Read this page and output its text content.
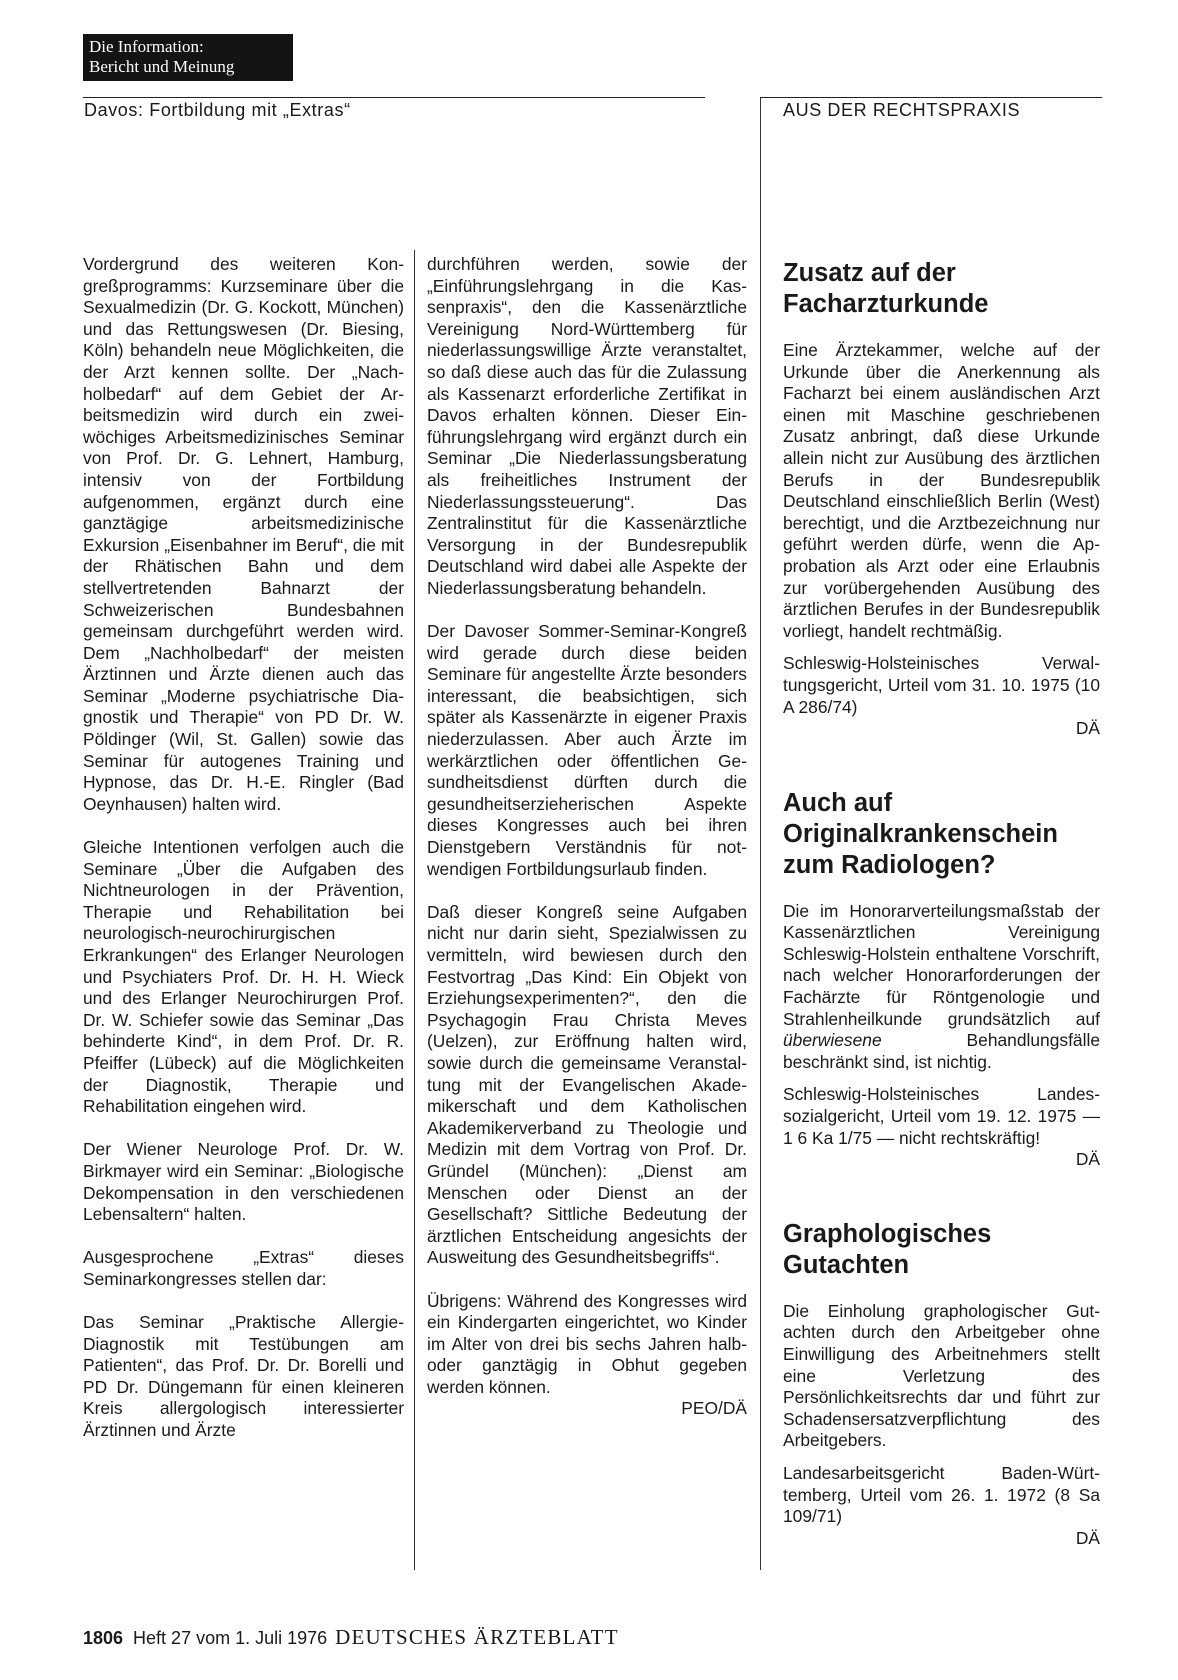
Die Information:
Bericht und Meinung
Davos: Fortbildung mit „Extras“	AUS DER RECHTSPRAXIS

Vordergrund des weiteren Kongreßprogramms: Kurzseminare über die Sexualmedizin (Dr. G. Kockott, München) und das Rettungswesen (Dr. Biesing, Köln) behandeln neue Möglichkeiten, die der Arzt kennen sollte. Der „Nachholbedarf“ auf dem Gebiet der Arbeitsmedizin wird durch ein zweiwöchiges Arbeitsmedizinisches Seminar von Prof. Dr. G. Lehnert, Hamburg, intensiv von der Fortbildung aufgenommen, ergänzt durch eine ganztägige arbeitsmedizinische Exkursion „Eisenbahner im Beruf“, die mit der Rhätischen Bahn und dem stellvertretenden Bahnarzt der Schweizerischen Bundesbahnen gemeinsam durchgeführt werden wird. Dem „Nachholbedarf“ der meisten Ärztinnen und Ärzte dienen auch das Seminar „Moderne psychiatrische Diagnostik und Therapie“ von PD Dr. W. Pöldinger (Wil, St. Gallen) sowie das Seminar für autogenes Training und Hypnose, das Dr. H.-E. Ringler (Bad Oeynhausen) halten wird.

Gleiche Intentionen verfolgen auch die Seminare „Über die Aufgaben des Nichtneurologen in der Prävention, Therapie und Rehabilitation bei neurologisch-neurochirurgischen Erkrankungen“ des Erlanger Neurologen und Psychiaters Prof. Dr. H. H. Wieck und des Erlanger Neurochirurgen Prof. Dr. W. Schiefer sowie das Seminar „Das behinderte Kind“, in dem Prof. Dr. R. Pfeiffer (Lübeck) auf die Möglichkeiten der Diagnostik, Therapie und Rehabilitation eingehen wird.

Der Wiener Neurologe Prof. Dr. W. Birkmayer wird ein Seminar: „Biologische Dekompensation in den verschiedenen Lebensaltern“ halten.

Ausgesprochene „Extras“ dieses Seminarkongresses stellen dar:

Das Seminar „Praktische Allergie-Diagnostik mit Testübungen am Patienten“, das Prof. Dr. Dr. Borelli und PD Dr. Düngemann für einen kleineren Kreis allergologisch interessierter Ärztinnen und Ärzte

durchführen werden, sowie der „Einführungslehrgang in die Kassenpraxis“, den die Kassenärztliche Vereinigung Nord-Württemberg für niederlassungswillige Ärzte veranstaltet, so daß diese auch das für die Zulassung als Kassenarzt erforderliche Zertifikat in Davos erhalten können. Dieser Einführungslehrgang wird ergänzt durch ein Seminar „Die Niederlassungsberatung als freiheitliches Instrument der Niederlassungssteuerung“. Das Zentralinstitut für die Kassenärztliche Versorgung in der Bundesrepublik Deutschland wird dabei alle Aspekte der Niederlassungsberatung behandeln.

Der Davoser Sommer-Seminar-Kongreß wird gerade durch diese beiden Seminare für angestellte Ärzte besonders interessant, die beabsichtigen, sich später als Kassenärzte in eigener Praxis niederzulassen. Aber auch Ärzte im werkärztlichen oder öffentlichen Gesundheitsdienst dürften durch die gesundheitserzieherischen Aspekte dieses Kongresses auch bei ihren Dienstgebern Verständnis für notwendigen Fortbildungsurlaub finden.

Daß dieser Kongreß seine Aufgaben nicht nur darin sieht, Spezialwissen zu vermitteln, wird bewiesen durch den Festvortrag „Das Kind: Ein Objekt von Erziehungsexperimenten?“, den die Psychagogin Frau Christa Meves (Uelzen), zur Eröffnung halten wird, sowie durch die gemeinsame Veranstaltung mit der Evangelischen Akademikerschaft und dem Katholischen Akademikerverband zu Theologie und Medizin mit dem Vortrag von Prof. Dr. Gründel (München): „Dienst am Menschen oder Dienst an der Gesellschaft? Sittliche Bedeutung der ärztlichen Entscheidung angesichts der Ausweitung des Gesundheitsbegriffs“.

Übrigens: Während des Kongresses wird ein Kindergarten eingerichtet, wo Kinder im Alter von drei bis sechs Jahren halb- oder ganztägig in Obhut gegeben werden können.
PEO/DÄ

Zusatz auf der Facharzturkunde

Eine Ärztekammer, welche auf der Urkunde über die Anerkennung als Facharzt bei einem ausländischen Arzt einen mit Maschine geschriebenen Zusatz anbringt, daß diese Urkunde allein nicht zur Ausübung des ärztlichen Berufs in der Bundesrepublik Deutschland einschließlich Berlin (West) berechtigt, und die Arztbezeichnung nur geführt werden dürfe, wenn die Approbation als Arzt oder eine Erlaubnis zur vorübergehenden Ausübung des ärztlichen Berufes in der Bundesrepublik vorliegt, handelt rechtmäßig.

Schleswig-Holsteinisches Verwaltungsgericht, Urteil vom 31. 10. 1975 (10 A 286/74)
DÄ

Auch auf Originalkrankenschein zum Radiologen?

Die im Honorarverteilungsmaßstab der Kassenärztlichen Vereinigung Schleswig-Holstein enthaltene Vorschrift, nach welcher Honorarforderungen der Fachärzte für Röntgenologie und Strahlenheilkunde grundsätzlich auf überwiesene Behandlungsfälle beschränkt sind, ist nichtig.

Schleswig-Holsteinisches Landessozialgericht, Urteil vom 19. 12. 1975 — 1 6 Ka 1/75 — nicht rechtskräftig!
DÄ

Graphologisches Gutachten

Die Einholung graphologischer Gutachten durch den Arbeitgeber ohne Einwilligung des Arbeitnehmers stellt eine Verletzung des Persönlichkeitsrechts dar und führt zur Schadensersatzverpflichtung des Arbeitgebers.

Landesarbeitsgericht Baden-Württemberg, Urteil vom 26. 1. 1972 (8 Sa 109/71)
DÄ

1806 Heft 27 vom 1. Juli 1976 DEUTSCHES ÄRZTEBLATT
